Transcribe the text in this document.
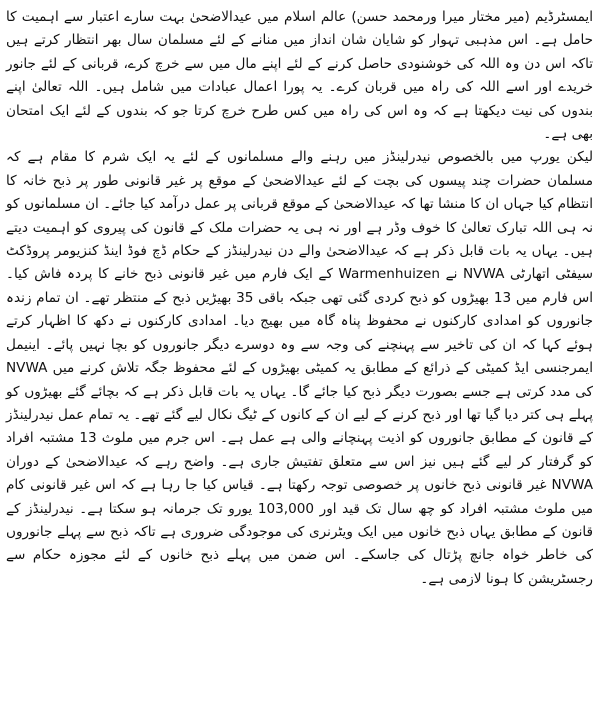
ایمسٹرڈیم (میر مختار میرا ورمحمد حسن) عالم اسلام میں عیدالاضحیٰ بہت سارے اعتبار سے اہمیت کا حامل ہے۔ اس مذہبی تہوار کو شایان شان انداز میں منانے کے لئے مسلمان سال بھر انتظار کرتے ہیں تاکہ اس دن وہ اللہ کی خوشنودی حاصل کرنے کے لئے اپنے مال میں سے خرچ کرے، قربانی کے لئے جانور خریدے اور اسے اللہ کی راہ میں قربان کرے۔ یہ پورا اعمال عبادات میں شامل ہیں۔ اللہ تعالیٰ اپنے بندوں کی نیت دیکھتا ہے کہ وہ اس کی راہ میں کس طرح خرچ کرتا جو کہ بندوں کے لئے ایک امتحان بھی ہے۔

لیکن یورپ میں بالخصوص نیدرلینڈز میں رہنے والے مسلمانوں کے لئے یہ ایک شرم کا مقام ہے کہ مسلمان حضرات چند پیسوں کی بچت کے لئے عیدالاضحیٰ کے موقع پر غیر قانونی طور پر ذبح خانہ کا انتظام کیا جہاں ان کا منشا تھا کہ عیدالاضحیٰ کے موقع قربانی پر عمل درآمد کیا جائے۔ ان مسلمانوں کو نہ ہی اللہ تبارک تعالیٰ کا خوف وڈر ہے اور نہ ہی یہ حضرات ملک کے قانون کی پیروی کو اہمیت دیتے ہیں۔ یہاں یہ بات قابل ذکر ہے کہ عیدالاضحیٰ والے دن نیدرلینڈز کے حکام ڈچ فوڈ اینڈ کنزیومر پروڈکٹ سیفٹی اتھارٹی NVWA نے Warmenhuizen کے ایک فارم میں غیر قانونی ذبح خانے کا پردہ فاش کیا۔ اس فارم میں 13 بھیڑوں کو ذبح کردی گئی تھی جبکہ باقی 35 بھیڑیں ذبح کے منتظر تھے۔ ان تمام زندہ جانوروں کو امدادی کارکنوں نے محفوظ پناہ گاہ میں بھیج دیا۔ امدادی کارکنوں نے دکھ کا اظہار کرتے ہوئے کہا کہ ان کی تاخیر سے پہنچنے کی وجہ سے وہ دوسرے دیگر جانوروں کو بچا نہیں پائے۔ اینیمل ایمرجنسی ایڈ کمیٹی کے ذرائع کے مطابق یہ کمیٹی بھیڑوں کے لئے محفوظ جگہ تلاش کرنے میں NVWA کی مدد کرتی ہے جسے بصورت دیگر ذبح کیا جائے گا۔ یہاں یہ بات قابل ذکر ہے کہ بچائے گئے بھیڑوں کو پہلے ہی کتر دیا گیا تھا اور ذبح کرنے کے لیے ان کے کانوں کے ٹیگ نکال لیے گئے تھے۔ یہ تمام عمل نیدرلینڈز کے قانون کے مطابق جانوروں کو اذیت پہنچانے والی ہے عمل ہے۔ اس جرم میں ملوث 13 مشتبہ افراد کو گرفتار کر لیے گئے ہیں نیز اس سے متعلق تفتیش جاری ہے۔ واضح رہے کہ عیدالاضحیٰ کے دوران NVWA غیر قانونی ذبح خانوں پر خصوصی توجہ رکھتا ہے۔ قیاس کیا جا رہا ہے کہ اس غیر قانونی کام میں ملوث مشتبہ افراد کو چھ سال تک قید اور 103,000 یورو تک جرمانہ ہو سکتا ہے۔ نیدرلینڈز کے قانون کے مطابق یہاں ذبح خانوں میں ایک ویٹرنری کی موجودگی ضروری ہے تاکہ ذبح سے پہلے جانوروں کی خاطر خواہ جانچ پڑتال کی جاسکے۔ اس ضمن میں پہلے ذبح خانوں کے لئے مجوزہ حکام سے رجسٹریشن کا ہونا لازمی ہے۔
